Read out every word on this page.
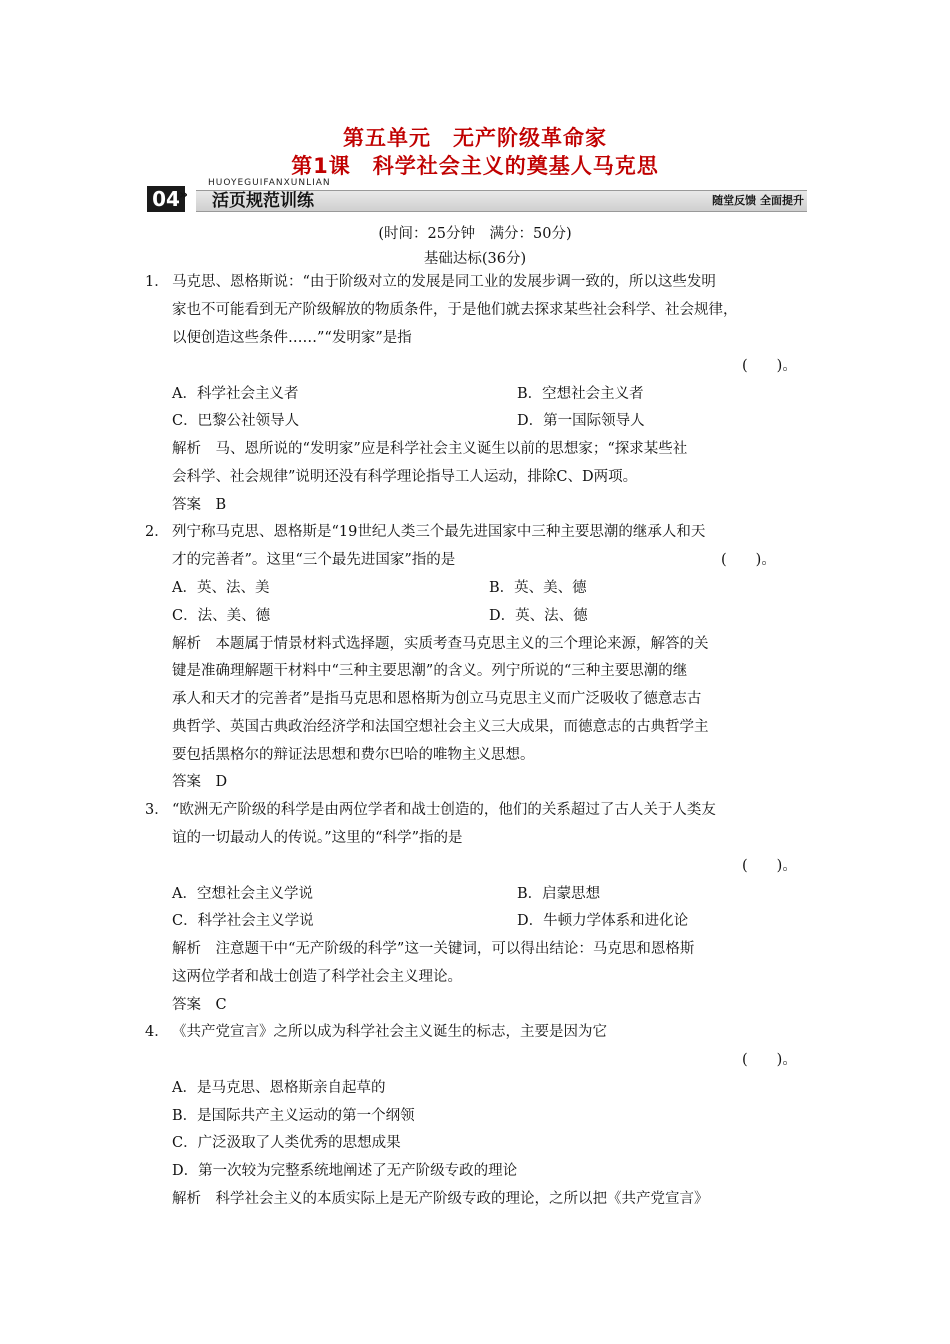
第五单元　无产阶级革命家
第1课　科学社会主义的奠基人马克思
HUOYEGUIFANXUNLIAN
04 » 活页规范训练	随堂反馈 全面提升
(时间：25分钟　满分：50分)
基础达标(36分)
1． 马克思、恩格斯说：“由于阶级对立的发展是同工业的发展步调一致的，所以这些发明
家也不可能看到无产阶级解放的物质条件，于是他们就去探求某些社会科学、社会规律，
以便创造这些条件……”“发明家”是指
(　　)。
A．科学社会主义者	B．空想社会主义者
C．巴黎公社领导人	D．第一国际领导人
解析　马、恩所说的“发明家”应是科学社会主义诞生以前的思想家；“探求某些社
会科学、社会规律”说明还没有科学理论指导工人运动，排除C、D两项。
答案　B
2． 列宁称马克思、恩格斯是“19世纪人类三个最先进国家中三种主要思潮的继承人和天
才的完善者”。这里“三个最先进国家”指的是	(　　)。
A．英、法、美	B．英、美、德
C．法、美、德	D．英、法、德
解析　本题属于情景材料式选择题，实质考查马克思主义的三个理论来源，解答的关
键是准确理解题干材料中“三种主要思潮”的含义。列宁所说的“三种主要思潮的继
承人和天才的完善者”是指马克思和恩格斯为创立马克思主义而广泛吸收了德意志古
典哲学、英国古典政治经济学和法国空想社会主义三大成果，而德意志的古典哲学主
要包括黑格尔的辩证法思想和费尔巴哈的唯物主义思想。
答案　D
3． “欧洲无产阶级的科学是由两位学者和战士创造的，他们的关系超过了古人关于人类友
谊的一切最动人的传说。”这里的“科学”指的是
(　　)。
A．空想社会主义学说	B．启蒙思想
C．科学社会主义学说	D．牛顿力学体系和进化论
解析　注意题干中“无产阶级的科学”这一关键词，可以得出结论：马克思和恩格斯
这两位学者和战士创造了科学社会主义理论。
答案　C
4． 《共产党宣言》之所以成为科学社会主义诞生的标志，主要是因为它
(　　)。
A．是马克思、恩格斯亲自起草的
B．是国际共产主义运动的第一个纲领
C．广泛汲取了人类优秀的思想成果
D．第一次较为完整系统地阐述了无产阶级专政的理论
解析　科学社会主义的本质实际上是无产阶级专政的理论，之所以把《共产党宣言》
